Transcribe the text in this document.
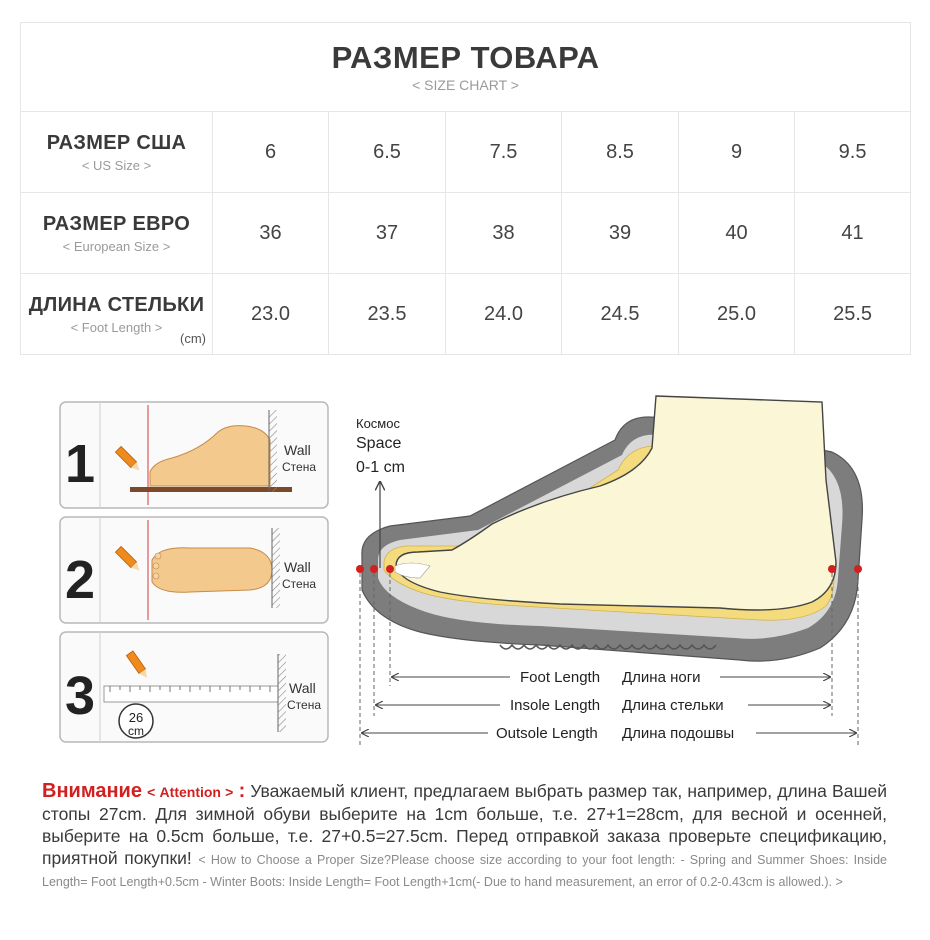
РАЗМЕР ТОВАРА
< SIZE CHART >						

РАЗМЕР США
< US Size >	6	6.5	7.5	8.5	9	9.5

РАЗМЕР ЕВРО
< European Size >	36	37	38	39	40	41

ДЛИНА СТЕЛЬКИ
< Foot Length >
(cm)	23.0	23.5	24.0	24.5	25.0	25.5
1	Wall
Стена
2	Wall
Стена
3	26
cm
Wall
Стена
Космос
Space
0-1 cm
Foot Length Длина ноги
Insole Length Длина стельки
Outsole Length Длина подошвы
Внимание < Attention > : Уважаемый клиент, предлагаем выбрать размер так, например, длина Вашей стопы 27cm. Для зимной обуви выберите на 1cm больше, т.е. 27+1=28cm, для весной и осенней, выберите на 0.5cm больше, т.е. 27+0.5=27.5cm. Перед отправкой заказа проверьте спецификацию, приятной покупки! < How to Choose a Proper Size?Please choose size according to your foot length: - Spring and Summer Shoes: Inside Length= Foot Length+0.5cm - Winter Boots: Inside Length= Foot Length+1cm(- Due to hand measurement, an error of 0.2-0.43cm is allowed.). >
